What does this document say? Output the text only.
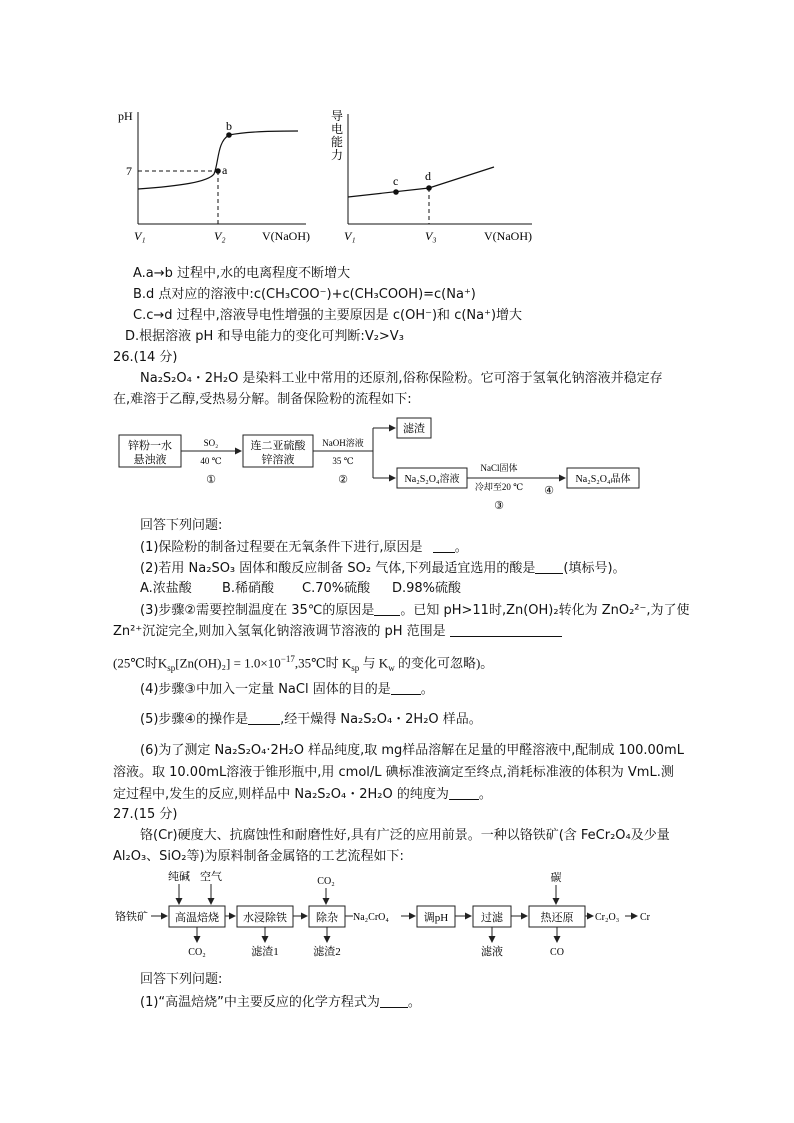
pH
7	a
b
V₁	V₂	V(NaOH)
导
电
能
力
c d
V₁	V₃	V(NaOH)
A.a→b 过程中,水的电离程度不断增大
B.d 点对应的溶液中:c(CH₃COO⁻)+c(CH₃COOH)=c(Na⁺)
C.c→d 过程中,溶液导电性增强的主要原因是 c(OH⁻)和 c(Na⁺)增大
D.根据溶液 pH 和导电能力的变化可判断:V₂>V₃
26.(14 分)
Na₂S₂O₄・2H₂O 是染料工业中常用的还原剂,俗称保险粉。它可溶于氢氧化钠溶液并稳定存
在,难溶于乙醇,受热易分解。制备保险粉的流程如下:
锌粉一水
悬浊液
SO₂
40 ℃
①
连二亚硫酸
锌溶液
NaOH溶液
35 ℃
②
滤渣
Na₂S₂O₄溶液
NaCl固体
冷却至20 ℃
③
④
Na₂S₂O₄晶体
回答下列问题:
(1)保险粉的制备过程要在无氧条件下进行,原因是 。
(2)若用 Na₂SO₃ 固体和酸反应制备 SO₂ 气体,下列最适宜选用的酸是 (填标号)。
A.浓盐酸 B.稀硝酸 C.70%硫酸 D.98%硫酸
(3)步骤②需要控制温度在 35℃的原因是 。已知 pH>11时,Zn(OH)₂转化为 ZnO₂²⁻,为了使
Zn²⁺沉淀完全,则加入氢氧化钠溶液调节溶液的 pH 范围是
(25℃时$K_{sp}[Zn(OH)_2]$ = $1.0\times 10^{-17},35℃$时 $K_{sp}$ 与 $K_w$ 的变化可忽略)。
(4)步骤③中加入一定量 NaCl 固体的目的是 。
(5)步骤④的操作是 ,经干燥得 Na₂S₂O₄・2H₂O 样品。
(6)为了测定 Na₂S₂O₄·2H₂O 样品纯度,取 mg样品溶解在足量的甲醛溶液中,配制成 100.00mL
溶液。取 10.00mL溶液于锥形瓶中,用 cmol/L 碘标准液滴定至终点,消耗标准液的体积为 VmL.测
定过程中,发生的反应,则样品中 Na₂S₂O₄・2H₂O 的纯度为 。
27.(15 分)
铬(Cr)硬度大、抗腐蚀性和耐磨性好,具有广泛的应用前景。一种以铬铁矿(含 FeCr₂O₄及少量
Al₂O₃、SiO₂等)为原料制备金属铬的工艺流程如下:
纯碱 空气	CO₂	碳
铬铁矿 高温焙烧 水浸除铁	除杂 Na₂CrO₄	调pH	过滤	热还原 Cr₂O₃ Cr
CO₂	滤渣1	滤渣2	滤液	CO
回答下列问题:
(1)“高温焙烧”中主要反应的化学方程式为 。
